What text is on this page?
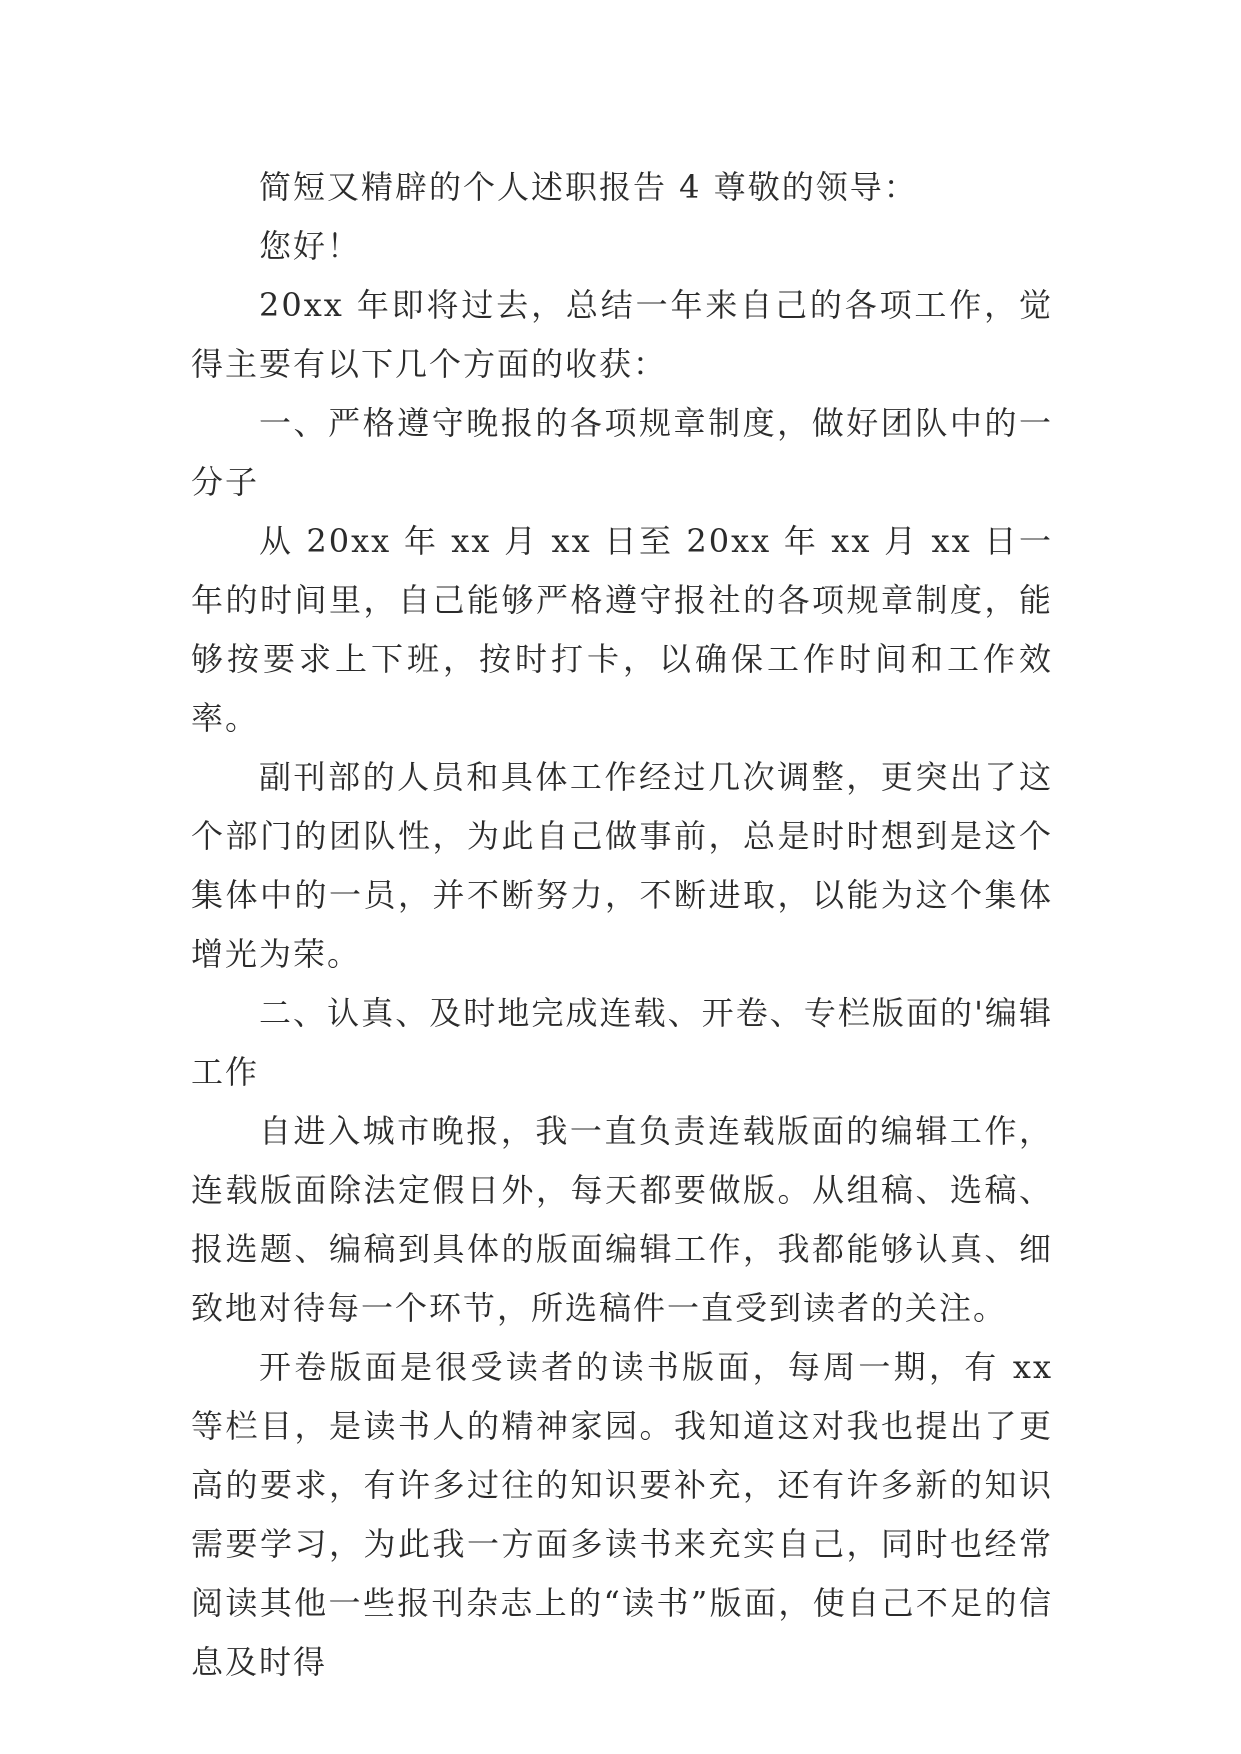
简短又精辟的个人述职报告 4 尊敬的领导：

您好！

20xx 年即将过去，总结一年来自己的各项工作，觉得主要有以下几个方面的收获：

一、严格遵守晚报的各项规章制度，做好团队中的一分子

从 20xx 年 xx 月 xx 日至 20xx 年 xx 月 xx 日一年的时间里，自己能够严格遵守报社的各项规章制度，能够按要求上下班，按时打卡，以确保工作时间和工作效率。

副刊部的人员和具体工作经过几次调整，更突出了这个部门的团队性，为此自己做事前，总是时时想到是这个集体中的一员，并不断努力，不断进取，以能为这个集体增光为荣。

二、认真、及时地完成连载、开卷、专栏版面的'编辑工作

自进入城市晚报，我一直负责连载版面的编辑工作，连载版面除法定假日外，每天都要做版。从组稿、选稿、报选题、编稿到具体的版面编辑工作，我都能够认真、细致地对待每一个环节，所选稿件一直受到读者的关注。

开卷版面是很受读者的读书版面，每周一期，有 xx 等栏目，是读书人的精神家园。我知道这对我也提出了更高的要求，有许多过往的知识要补充，还有许多新的知识需要学习，为此我一方面多读书来充实自己，同时也经常阅读其他一些报刊杂志上的“读书”版面，使自己不足的信息及时得
